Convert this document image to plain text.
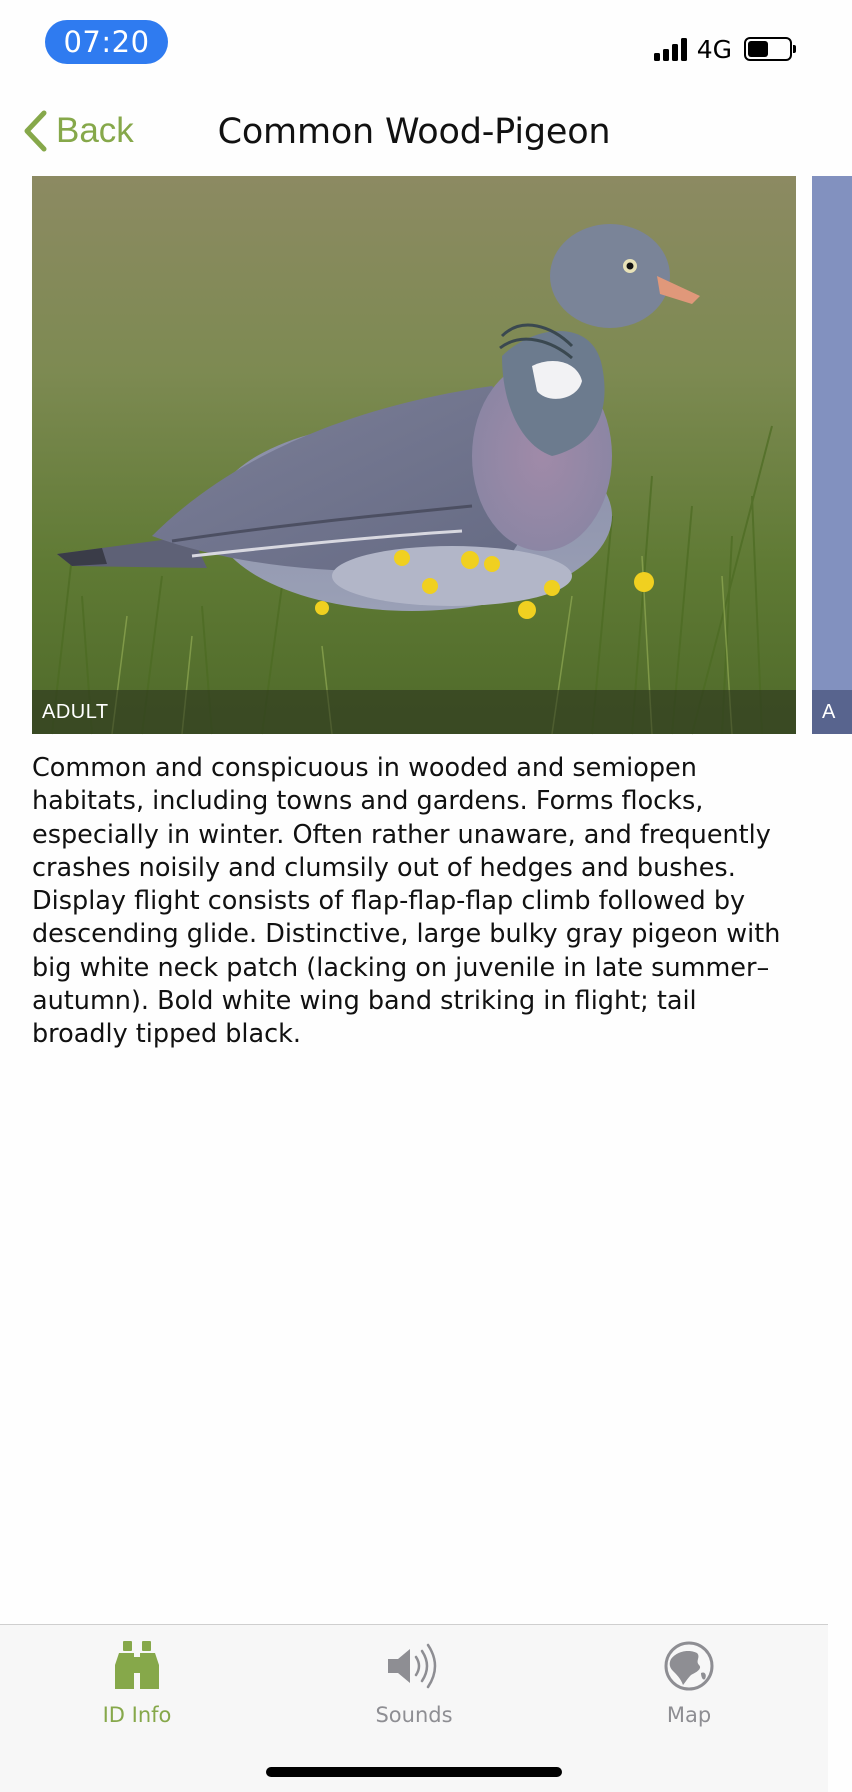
07:20	4G
Back	Common Wood-Pigeon
ADULT	A

Common and conspicuous in wooded and semiopen habitats, including towns and gardens. Forms flocks, especially in winter. Often rather unaware, and frequently crashes noisily and clumsily out of hedges and bushes. Display flight consists of flap-flap-flap climb followed by descending glide. Distinctive, large bulky gray pigeon with big white neck patch (lacking on juvenile in late summer–autumn). Bold white wing band striking in flight; tail broadly tipped black.

ID Info	Sounds	Map
